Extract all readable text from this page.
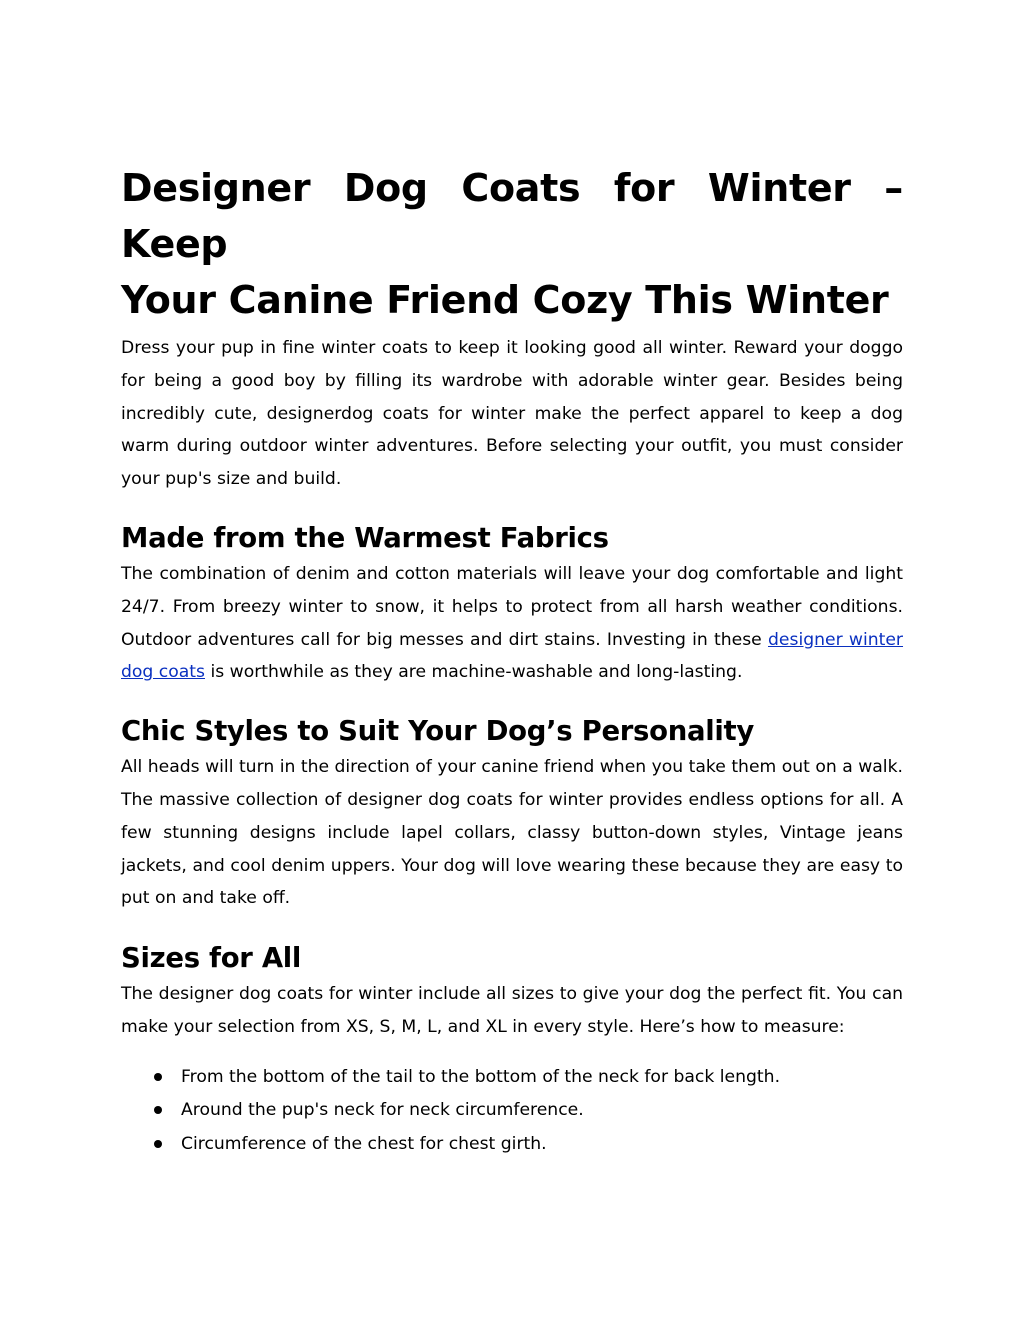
Designer Dog Coats for Winter – Keep
Your Canine Friend Cozy This Winter

Dress your pup in fine winter coats to keep it looking good all winter. Reward your doggo for being a good boy by filling its wardrobe with adorable winter gear. Besides being incredibly cute, designerdog coats for winter make the perfect apparel to keep a dog warm during outdoor winter adventures. Before selecting your outfit, you must consider your pup's size and build.

Made from the Warmest Fabrics

The combination of denim and cotton materials will leave your dog comfortable and light 24/7. From breezy winter to snow, it helps to protect from all harsh weather conditions. Outdoor adventures call for big messes and dirt stains. Investing in these designer winter dog coats is worthwhile as they are machine-washable and long-lasting.

Chic Styles to Suit Your Dog’s Personality

All heads will turn in the direction of your canine friend when you take them out on a walk. The massive collection of designer dog coats for winter provides endless options for all. A few stunning designs include lapel collars, classy button-down styles, Vintage jeans jackets, and cool denim uppers. Your dog will love wearing these because they are easy to put on and take off.

Sizes for All

The designer dog coats for winter include all sizes to give your dog the perfect fit. You can make your selection from XS, S, M, L, and XL in every style. Here’s how to measure:

From the bottom of the tail to the bottom of the neck for back length.
Around the pup's neck for neck circumference.
Circumference of the chest for chest girth.
